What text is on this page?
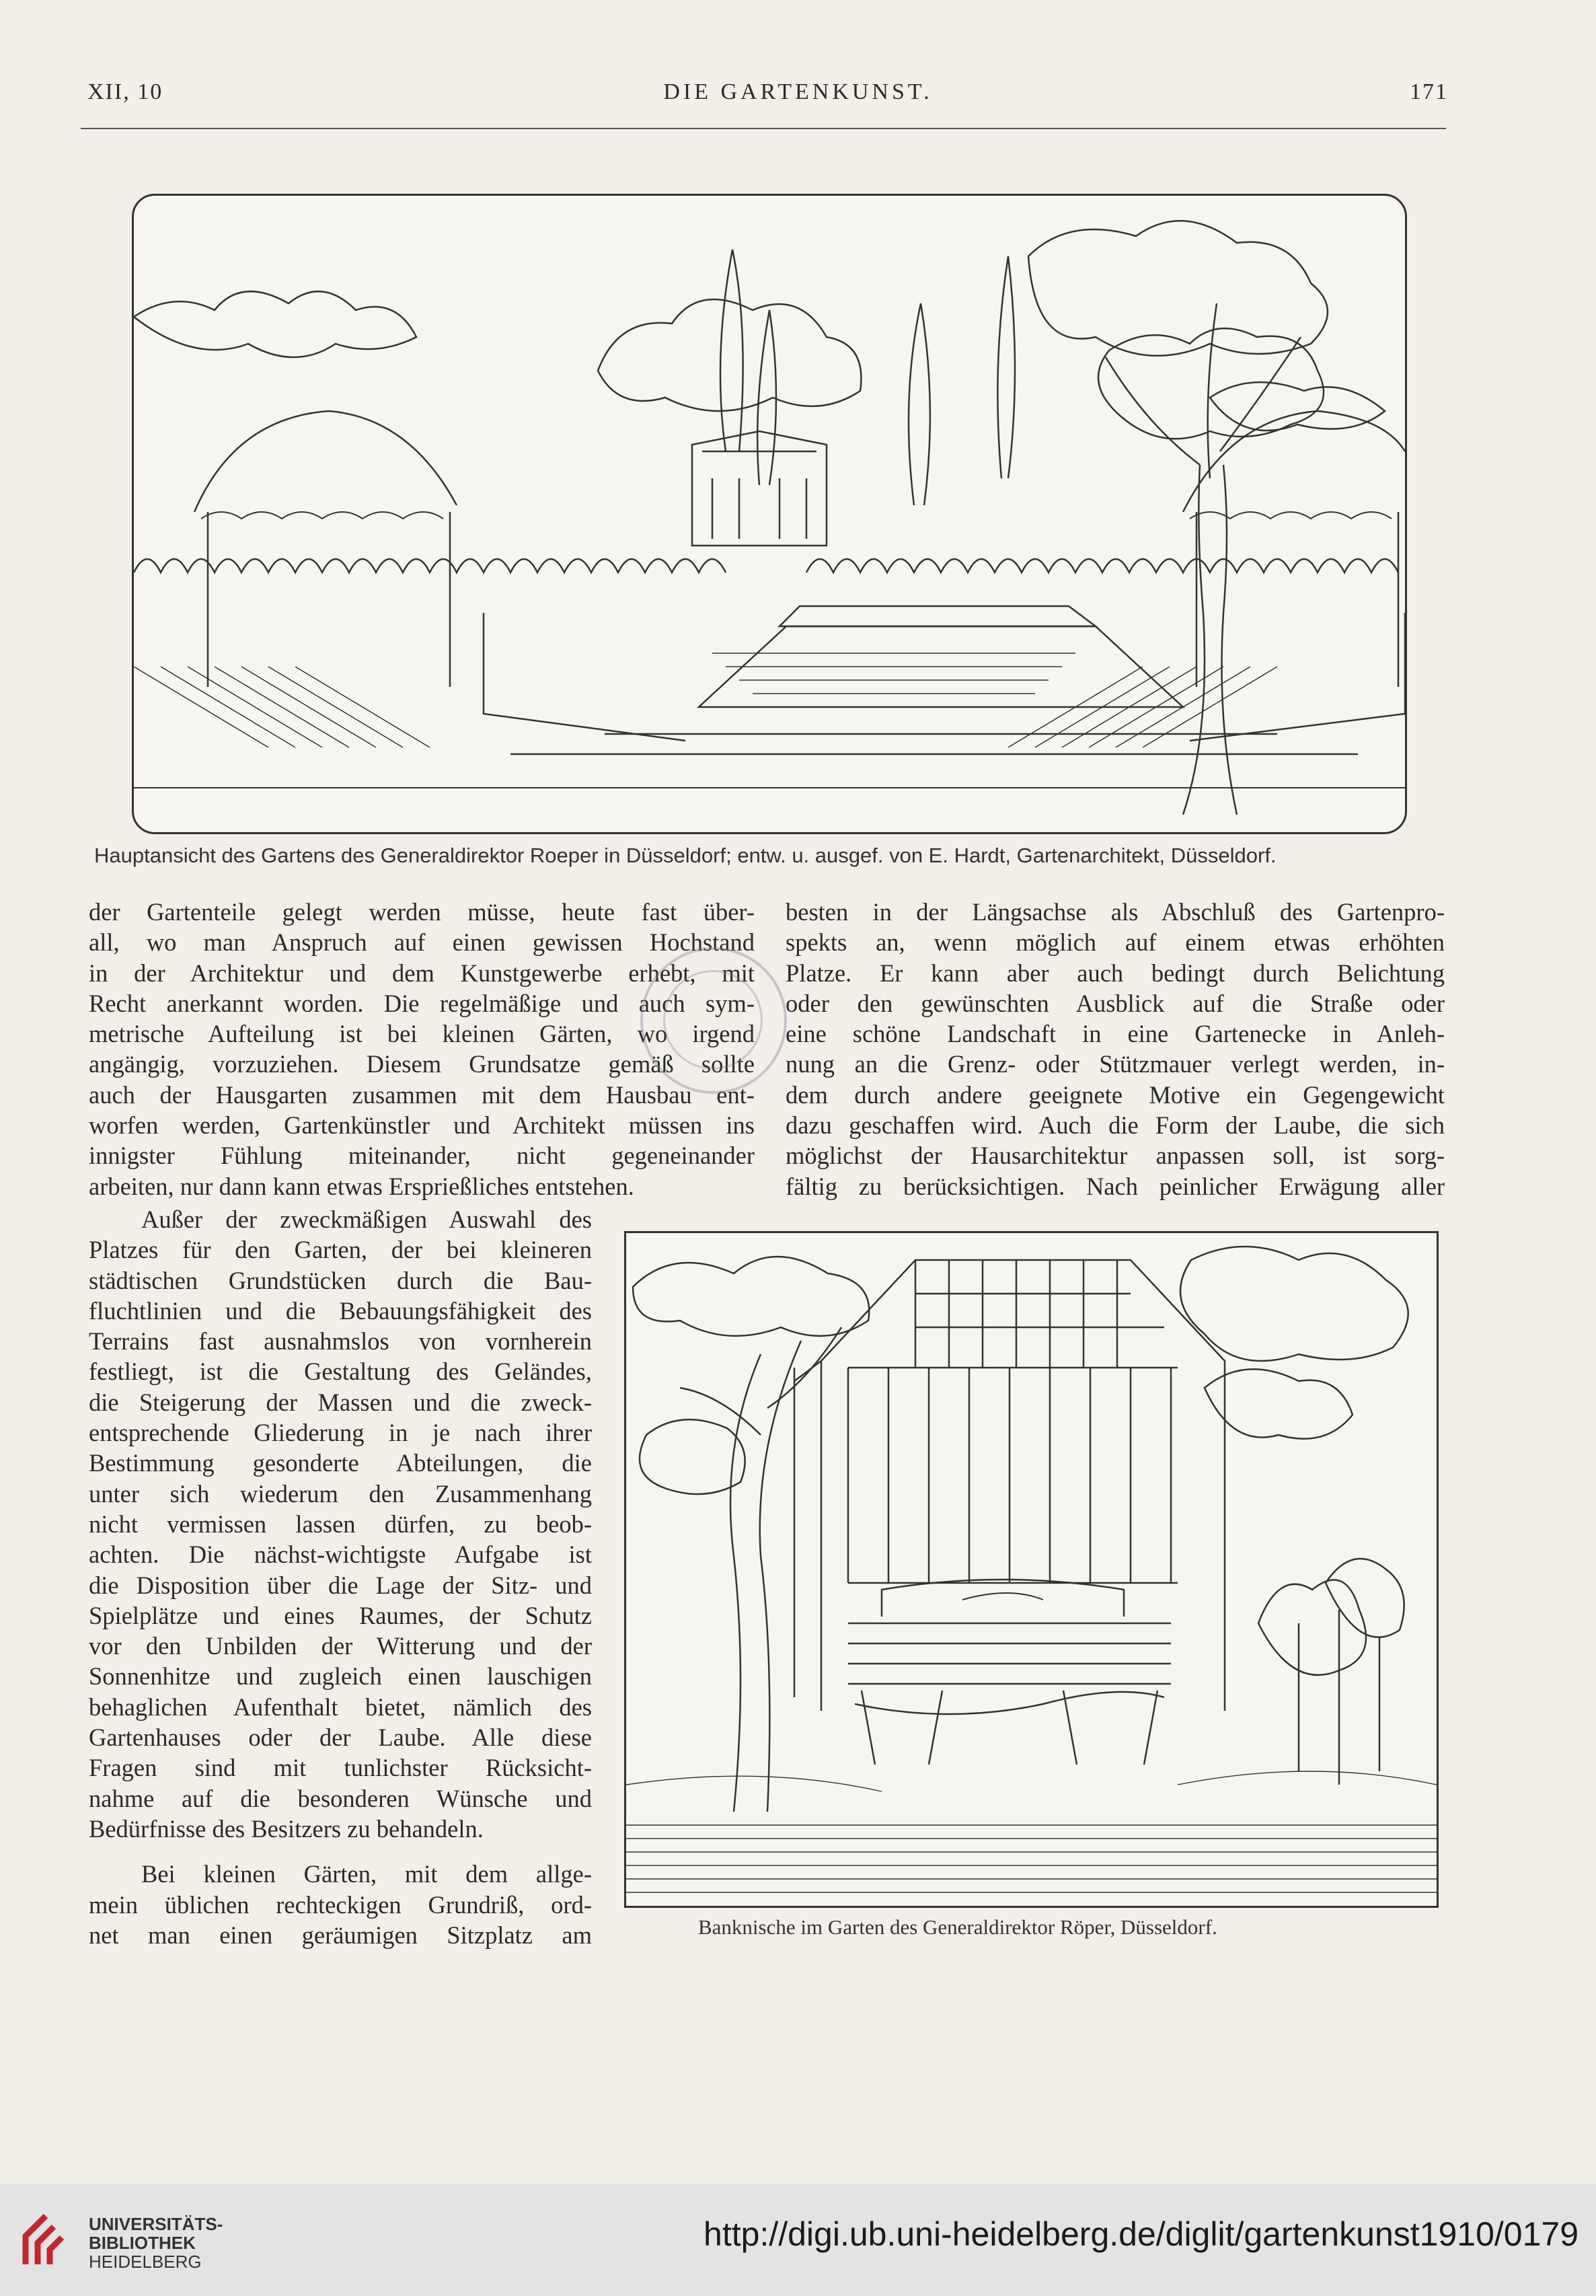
XII, 10	DIE GARTENKUNST.	171
Hauptansicht des Gartens des Generaldirektor Roeper in Düsseldorf; entw. u. ausgef. von E. Hardt, Gartenarchitekt, Düsseldorf.
der Gartenteile gelegt werden müsse, heute fast über-
all, wo man Anspruch auf einen gewissen Hochstand
in der Architektur und dem Kunstgewerbe erhebt, mit
Recht anerkannt worden. Die regelmäßige und auch sym-
metrische Aufteilung ist bei kleinen Gärten, wo irgend
angängig, vorzuziehen. Diesem Grundsatze gemäß sollte
auch der Hausgarten zusammen mit dem Hausbau ent-
worfen werden, Gartenkünstler und Architekt müssen ins
innigster Fühlung miteinander, nicht gegeneinander
arbeiten, nur dann kann etwas Ersprießliches entstehen.
besten in der Längsachse als Abschluß des Gartenpro-
spekts an, wenn möglich auf einem etwas erhöhten
Platze. Er kann aber auch bedingt durch Belichtung
oder den gewünschten Ausblick auf die Straße oder
eine schöne Landschaft in eine Gartenecke in Anleh-
nung an die Grenz- oder Stützmauer verlegt werden, in-
dem durch andere geeignete Motive ein Gegengewicht
dazu geschaffen wird. Auch die Form der Laube, die sich
möglichst der Hausarchitektur anpassen soll, ist sorg-
fältig zu berücksichtigen. Nach peinlicher Erwägung aller
Außer der zweckmäßigen Auswahl des
Platzes für den Garten, der bei kleineren
städtischen Grundstücken durch die Bau-
fluchtlinien und die Bebauungsfähigkeit des
Terrains fast ausnahmslos von vornherein
festliegt, ist die Gestaltung des Geländes,
die Steigerung der Massen und die zweck-
entsprechende Gliederung in je nach ihrer
Bestimmung gesonderte Abteilungen, die
unter sich wiederum den Zusammenhang
nicht vermissen lassen dürfen, zu beob-
achten. Die nächst-wichtigste Aufgabe ist
die Disposition über die Lage der Sitz- und
Spielplätze und eines Raumes, der Schutz
vor den Unbilden der Witterung und der
Sonnenhitze und zugleich einen lauschigen
behaglichen Aufenthalt bietet, nämlich des
Gartenhauses oder der Laube. Alle diese
Fragen sind mit tunlichster Rücksicht-
nahme auf die besonderen Wünsche und
Bedürfnisse des Besitzers zu behandeln.
Bei kleinen Gärten, mit dem allge-
mein üblichen rechteckigen Grundriß, ord-
net man einen geräumigen Sitzplatz am	Banknische im Garten des Generaldirektor Röper, Düsseldorf.
UNIVERSITÄTS-
BIBLIOTHEK
HEIDELBERG
http://digi.ub.uni-heidelberg.de/diglit/gartenkunst1910/0179
